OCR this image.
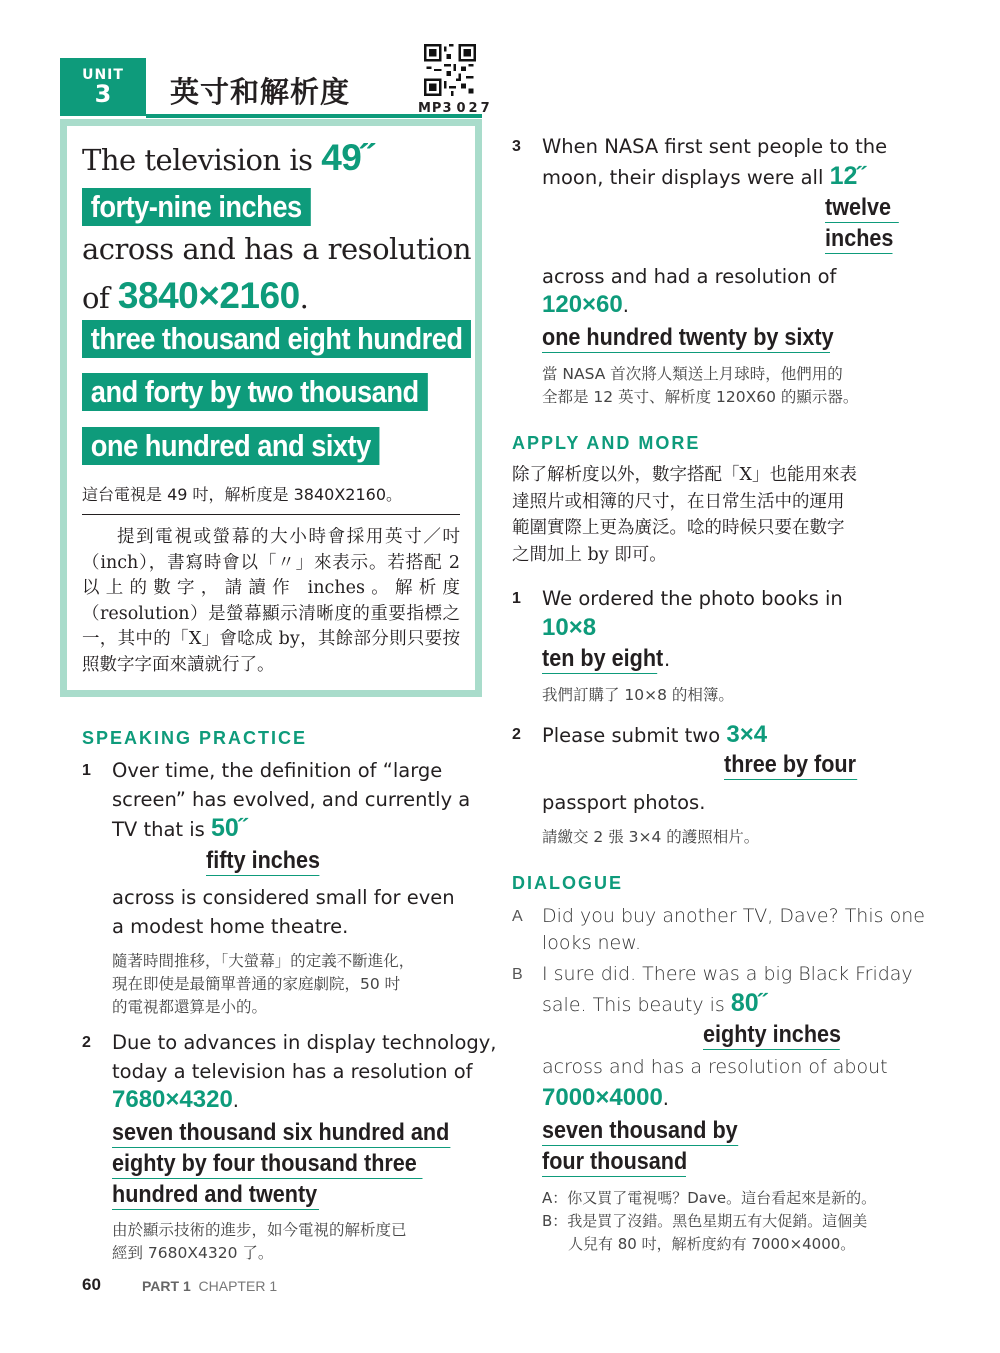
UNIT
3	英寸和解析度	MP3 027
The television is 49˝
forty-nine inches
across and has a resolution
of 3840×2160.
three thousand eight hundred
and forty by two thousand
one hundred and sixty
這台電視是 49 吋，解析度是 3840X2160。
提到電視或螢幕的大小時會採用英寸／吋（inch），書寫時會以「〃」來表示。若搭配 2 以上的數字，請讀作 inches。解析度（resolution）是螢幕顯示清晰度的重要指標之一，其中的「X」會唸成 by，其餘部分則只要按照數字字面來讀就行了。
SPEAKING PRACTICE
1 Over time, the definition of “large
screen” has evolved, and currently a
TV that is 50˝
fifty inches
across is considered small for even
a modest home theatre.
隨著時間推移，「大螢幕」的定義不斷進化，
現在即使是最簡單普通的家庭劇院，50 吋
的電視都還算是小的。
2 Due to advances in display technology,
today a television has a resolution of
7680×4320.
seven thousand six hundred and
eighty by four thousand three
hundred and twenty
由於顯示技術的進步，如今電視的解析度已
經到 7680X4320 了。
3 When NASA first sent people to the
moon, their displays were all 12˝
twelve
inches
across and had a resolution of
120×60.
one hundred twenty by sixty
當 NASA 首次將人類送上月球時，他們用的
全都是 12 英寸、解析度 120X60 的顯示器。
APPLY AND MORE
除了解析度以外，數字搭配「X」也能用來表
達照片或相簿的尺寸，在日常生活中的運用
範圍實際上更為廣泛。唸的時候只要在數字
之間加上 by 即可。
1 We ordered the photo books in
10×8
ten by eight.
我們訂購了 10×8 的相簿。
2 Please submit two 3×4
three by four
passport photos.
請繳交 2 張 3×4 的護照相片。
DIALOGUE
A Did you buy another TV, Dave? This one
looks new.
B I sure did. There was a big Black Friday
sale. This beauty is 80˝
eighty inches
across and has a resolution of about
7000×4000.
seven thousand by
four thousand
A：你又買了電視嗎？Dave。這台看起來是新的。
B：我是買了沒錯。黑色星期五有大促銷。這個美
人兒有 80 吋，解析度約有 7000×4000。
60	PART 1 CHAPTER 1
